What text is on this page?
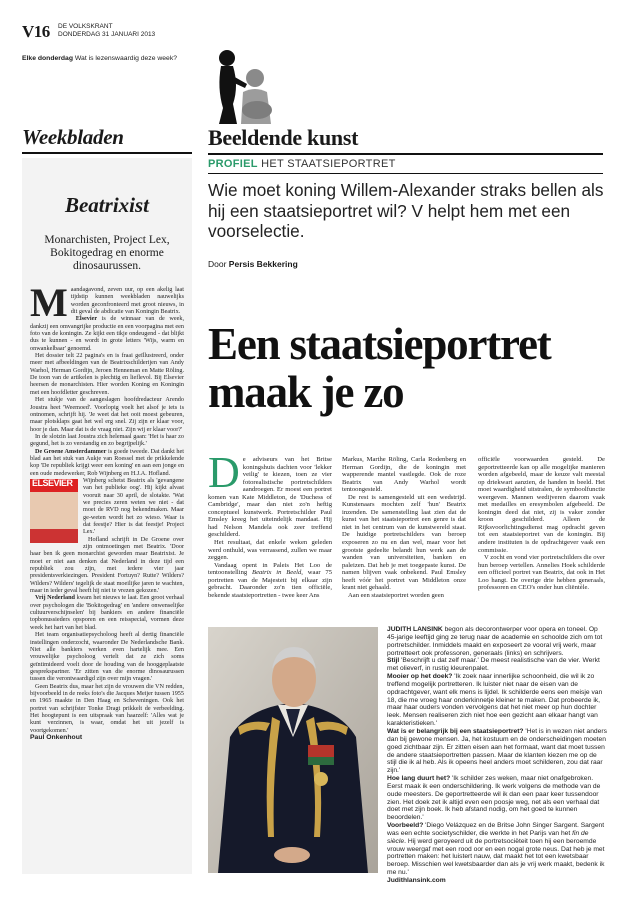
V16 DE VOLKSKRANT
DONDERDAG 31 JANUARI 2013
Elke donderdag Wat is lezenswaardig deze week?
Weekbladen
Beatrixist
Monarchisten, Project Lex, Bokitogedrag en enorme dinosaurussen.

Maandagavond, zeven uur, op een akelig laat tijdstip kunnen weekbladen nauwelijks worden geconfronteerd met groot nieuws, in dit geval de abdicatie van Koningin Beatrix.

Elsevier is de winnaar van de week, dankzij een omvangrijke productie en een voorpagina met een foto van de koningin. Ze kijkt een tikje ondeugend - dat blijkt dus te kunnen - en wordt in grote letters 'Wijs, warm en onwankelbaar' genoemd.

Het dossier telt 22 pagina's en is fraai geïllustreerd, onder meer met afbeeldingen van de Beatrixschilderijen van Andy Warhol, Herman Gordijn, Jeroen Henneman en Matte Röling. De toon van de artikelen is plechtig en lieflevol. Bij Elsevier heersen de monarchisten. Hier worden Koning en Koningin met een hoofdletter geschreven.

Het stukje van de aangeslagen hoofdredacteur Arendo Joustra heet 'Weemoed'. Voorlopig voelt het alsof je iets is ontnomen, schrijft hij. 'Je weet dat het ooit moest gebeuren, maar plotsklaps gaat het wel erg snel. Zij zijn er klaar voor, hoor je dan. Maar dat is de vraag niet. Zijn wij er klaar voor?'

In de slotzin laat Joustra zich helemaal gaan: 'Het is haar zo gegund, het is zo verstandig en zo begrijpelijk.'

De Groene Amsterdammer is goede tweede. Dat dankt het blad aan het stuk van Aukje van Roessel met de prikkelende kop 'De republiek krijgt weer een koning' en aan een jonge en een oude medewerker, Rob Wijnberg en H.J.A. Hofland.

ELSEVIER Wijnberg schetst Beatrix als 'gevangene van het publieke oog'. Hij kijkt alvast vooruit naar 30 april, de slotakte. 'Wat we precies zeren weten we niet - dat moet de RVD nog bekendmaken. Maar ge-weten wordt het zo wieso. Waar is dat feestje? Hier is dat feestje! Project Lex.'

Hofland schrijft in De Groene over zijn ontmoetingen met Beatrix. 'Door haar ben ik geen monarchist geworden maar Beatrixist. Je moet er niet aan denken dat Nederland in deze tijd een republiek zou zijn, met iedere vier jaar presidentsverkiezingen. President Fortuyn? Rutte? Wilders? Wilders? Wilders' tegelijk de staat moeilijke jaren te wachten, maar in ieder geval heeft hij niet te vrezen gekozen.'

Vrij Nederland kwam het nieuws te laat. Een groot verhaal over psychologen die 'Bokitogedrag' en 'andere onwenselijke cultuurverschijnselen' bij bankiers en andere financiële topbonussieders opsporen en een reisspecial, vormen deze week het hart van het blad.

Het team organisatiepsycholoog heeft al dertig financiële instellingen onderzocht, waaronder De Nederlandsche Bank. Niet alle bankiers werken even hartelijk mee. Een vrouwelijke psycholoog vertelt dat ze zich soms geïntimideerd voelt door de houding van de hooggeplaatste gesprekspartner. 'Er zitten van die enorme dinosaurussen tussen die verontwaardigd zijn over mijn vragen.'

Geen Beatrix dus, maar het zijn de vrouwen die VN redden, bijvoorbeeld in de reeks foto's die Jacques Meijer tussen 1955 en 1965 maakte in Den Haag en Scheveningen. Ook het portret van schrijfster Tonke Dragt prikkelt de verbeelding. Het hoogtepunt is een uitspraak van haarzelf: 'Alles wat je kunt verzinnen, is waar, omdat het uit jezelf is voortgekomen.'

Paul Onkenhout

Beeldende kunst
PROFIEL HET STAATSIEPORTRET
Wie moet koning Willem-Alexander straks bellen als hij een staatsieportret wil? V helpt hem met een voorselectie.
Door Persis Bekkering
Een staatsieportret maak je zo

De adviseurs van het Britse koningshuis dachten voor 'lekker veilig' te kiezen, toen ze vier fotorealistische portretschilders aandroegen. Er moest een portret komen van Kate Middleton, de 'Duchess of Cambridge', maar dan niet zo'n heftig conceptueel kunstwerk. Portretschilder Paul Emsley kreeg het uiteindelijk mandaat. Hij had Nelson Mandela ook zeer treffend geschilderd.

Het resultaat, dat enkele weken geleden werd onthuld, was verrassend, zullen we maar zeggen.

Vandaag opent in Paleis Het Loo de tentoonstelling Beatrix in Beeld, waar 75 portretten van de Majesteit bij elkaar zijn gebracht. Daaronder zo'n tien officiële, bekende staatsieportretten - twee keer Ans

Markus, Marthe Röling, Carla Rodenberg en Herman Gordijn, die de koningin met wapperende mantel vastlegde. Ook de roze Beatrix van Andy Warhol wordt tentoongesteld.

De rest is samengesteld uit een wedstrijd. Kunstenaars mochten zelf 'hun' Beatrix inzenden. De samenstelling laat zien dat de kunst van het staatsieportret een genre is dat niet in het centrum van de kunstwereld staat. De huidige portretschilders van beroep exposeren zo nu en dan wel, maar voor het grootste gedeelte belandt hun werk aan de wanden van universiteiten, banken en paleizen. Dat heb je met toegepaste kunst. De namen blijven vaak onbekend. Paul Emsley heeft vóór het portret van Middleton onze krant niet gehaald.

Aan een staatsieportret worden geen

officiële voorwaarden gesteld. De geportretteerde kan op alle mogelijke manieren worden afgebeeld, maar de keuze valt meestal op driekwart aanzien, de handen in beeld. Het moet waardigheid uitstralen, de symboolfunctie weergeven. Mannen wedijveren daarom vaak met medailles en eresymbolen afgebeeld. De koningin deed dat niet, zij is vaker zonder kroon geschilderd. Alleen de Rijksvoorlichtingsdienst mag opdracht geven tot een staatsieportret van de koningin. Bij andere instituten is de opdrachtgever vaak een commissie.

V zocht en vond vier portretschilders die over hun beroep vertellen. Annelies Hoek schilderde een officieel portret van Beatrix, dat ook in Het Loo hangt. De overige drie hebben generaals, professoren en CEO's onder hun cliëntèle.

JUDITH LANSINK begon als decorontwerper voor opera en toneel. Op 45-jarige leeftijd ging ze terug naar de academie en schoolde zich om tot portretschilder. Inmiddels maakt en exposeert ze vooral vrij werk, maar portretteert ook professoren, generaals (links) en schrijvers.

Stijl 'Beschrijft u dat zelf maar.' De meest realistische van de vier. Werkt met olieverf, in rustig kleurenpalet.

Mooier op het doek? 'Ik zoek naar innerlijke schoonheid, die wil ik zo treffend mogelijk portretteren. Ik luister niet naar de eisen van de opdrachtgever, want elk mens is lijdel. Ik schilderde eens een meisje van 18, die me vroeg haar onderkinnetje kleiner te maken. Dat probeerde ik, maar haar ouders vonden vervolgens dat het niet meer op hun dochter leek. Mensen realiseren zich niet hoe een gezicht aan elkaar hangt van karakteristieken.'

Wat is er belangrijk bij een staatsieportret? 'Het is in wezen niet anders dan bij gewone mensen. Ja, het kostuum en de onderscheidingen moeten goed zichtbaar zijn. Er zitten eisen aan het formaat, want dat moet tussen de andere staatsieportretten passen. Maar de klanten kiezen me op de stijl die ik al heb. Als ik opeens heel anders moet schilderen, zou dat raar zijn.'

Hoe lang duurt het? 'Ik schilder zes weken, maar niet onafgebroken. Eerst maak ik een onderschildering. Ik werk volgens de methode van de oude meesters. De geportretteerde wil ik dan een paar keer tussendoor zien. Het doek zet ik altijd even een poosje weg, net als een verhaal dat doet met zijn boek. Ik heb afstand nodig, om het goed te kunnen beoordelen.'

Voorbeeld? 'Diego Velázquez en de Britse John Singer Sargent. Sargent was een echte societyschilder, die werkte in het Parijs van het fin de siècle. Hij werd geroyeerd uit de portretsociëteit toen hij een beroemde vrouw weergaf met een rood oor en een nogal grote neus. Dat heb je met portretten maken: het luistert nauw, dat maakt het tot een kwetsbaar beroep. Misschien wel kwetsbaarder dan als je vrij werk maakt, bedenk ik me nu.'

Judithlansink.com
